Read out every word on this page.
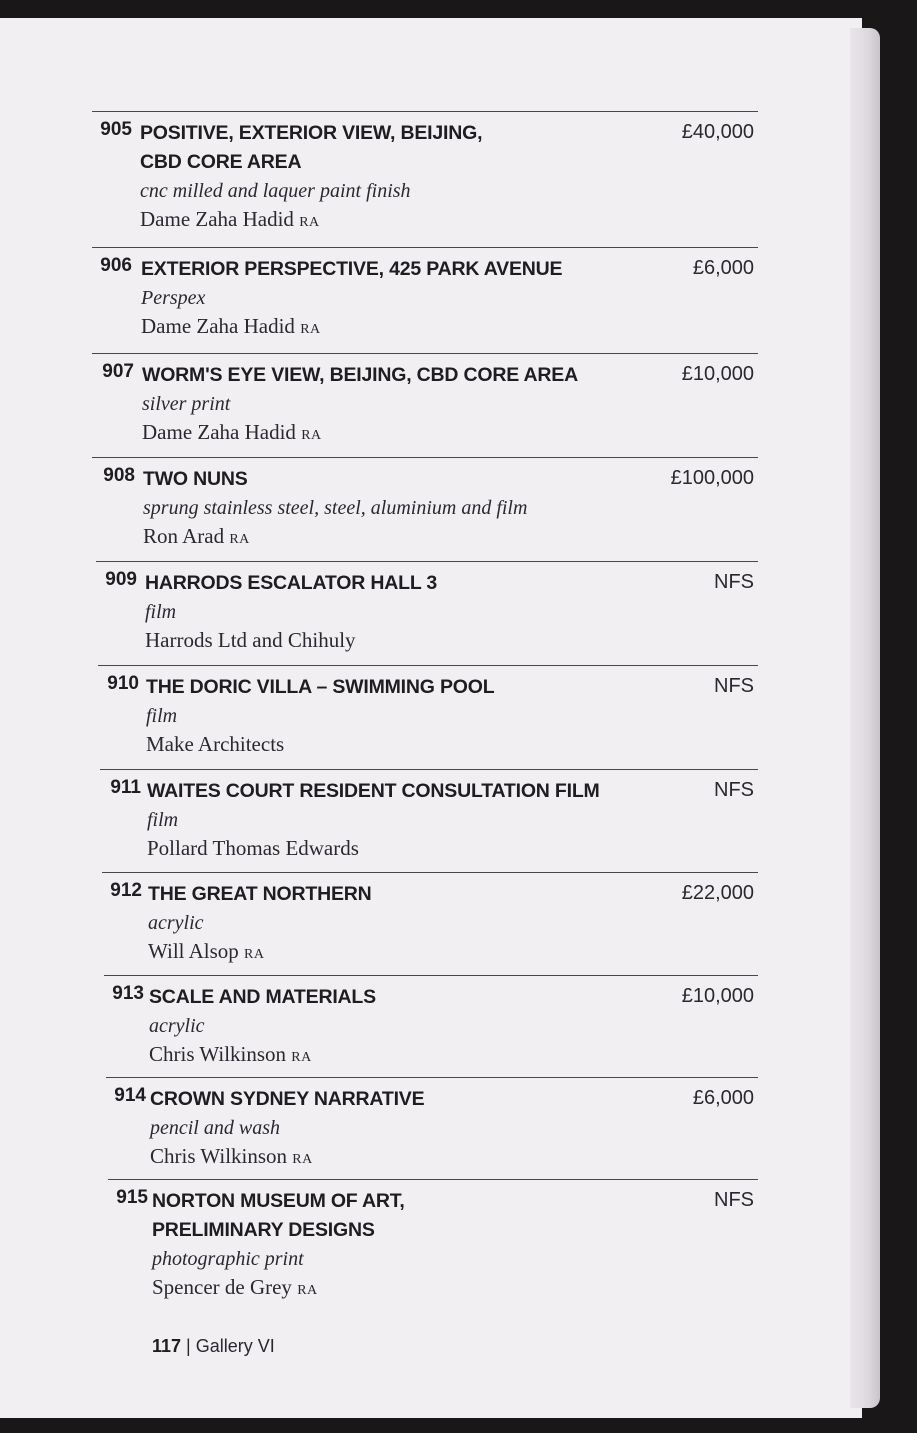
905 POSITIVE, EXTERIOR VIEW, BEIJING,
CBD CORE AREA
cnc milled and laquer paint finish
Dame Zaha Hadid RA
£40,000
906 EXTERIOR PERSPECTIVE, 425 PARK AVENUE
Perspex
Dame Zaha Hadid RA
£6,000
907 WORM'S EYE VIEW, BEIJING, CBD CORE AREA
silver print
Dame Zaha Hadid RA
£10,000
908 TWO NUNS
sprung stainless steel, steel, aluminium and film
Ron Arad RA
£100,000
909 HARRODS ESCALATOR HALL 3
film
Harrods Ltd and Chihuly
NFS
910 THE DORIC VILLA – SWIMMING POOL
film
Make Architects
NFS
911 WAITES COURT RESIDENT CONSULTATION FILM
film
Pollard Thomas Edwards
NFS
912 THE GREAT NORTHERN
acrylic
Will Alsop RA
£22,000
913 SCALE AND MATERIALS
acrylic
Chris Wilkinson RA
£10,000
914 CROWN SYDNEY NARRATIVE
pencil and wash
Chris Wilkinson RA
£6,000
915 NORTON MUSEUM OF ART,
PRELIMINARY DESIGNS
photographic print
Spencer de Grey RA
NFS
117 | Gallery VI
